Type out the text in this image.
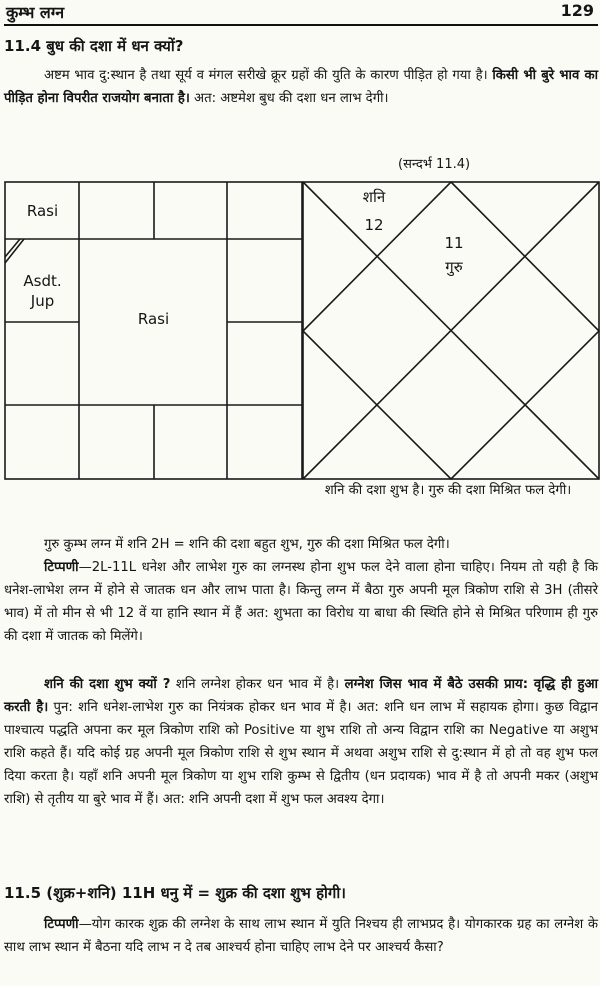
कुम्भ लग्न	129
11.4 बुध की दशा में धन क्यों?
अष्टम भाव दु:स्थान है तथा सूर्य व मंगल सरीखे क्रूर ग्रहों की युति के कारण पीड़ित हो गया है। किसी भी बुरे भाव का पीड़ित होना विपरीत राजयोग बनाता है। अत: अष्टमेश बुध की दशा धन लाभ देगी।
(सन्दर्भ 11.4)
Rasi
Asdt.
Jup
Rasi
शनि
12
11
गुरु
शनि की दशा शुभ है। गुरु की दशा मिश्रित फल देगी।
गुरु कुम्भ लग्न में शनि 2H = शनि की दशा बहुत शुभ, गुरु की दशा मिश्रित फल देगी।
टिप्पणी—2L-11L धनेश और लाभेश गुरु का लग्नस्थ होना शुभ फल देने वाला होना चाहिए। नियम तो यही है कि धनेश-लाभेश लग्न में होने से जातक धन और लाभ पाता है। किन्तु लग्न में बैठा गुरु अपनी मूल त्रिकोण राशि से 3H (तीसरे भाव) में तो मीन से भी 12 वें या हानि स्थान में हैं अत: शुभता का विरोध या बाधा की स्थिति होने से मिश्रित परिणाम ही गुरु की दशा में जातक को मिलेंगे।
शनि की दशा शुभ क्यों ? शनि लग्नेश होकर धन भाव में है। लग्नेश जिस भाव में बैठे उसकी प्राय: वृद्धि ही हुआ करती है। पुन: शनि धनेश-लाभेश गुरु का नियंत्रक होकर धन भाव में है। अत: शनि धन लाभ में सहायक होगा। कुछ विद्वान पाश्चात्य पद्धति अपना कर मूल त्रिकोण राशि को Positive या शुभ राशि तो अन्य विद्वान राशि का Negative या अशुभ राशि कहते हैं। यदि कोई ग्रह अपनी मूल त्रिकोण राशि से शुभ स्थान में अथवा अशुभ राशि से दु:स्थान में हो तो वह शुभ फल दिया करता है। यहाँ शनि अपनी मूल त्रिकोण या शुभ राशि कुम्भ से द्वितीय (धन प्रदायक) भाव में है तो अपनी मकर (अशुभ राशि) से तृतीय या बुरे भाव में हैं। अत: शनि अपनी दशा में शुभ फल अवश्य देगा।
11.5 (शुक्र+शनि) 11H धनु में = शुक्र की दशा शुभ होगी।
टिप्पणी—योग कारक शुक्र की लग्नेश के साथ लाभ स्थान में युति निश्चय ही लाभप्रद है। योगकारक ग्रह का लग्नेश के साथ लाभ स्थान में बैठना यदि लाभ न दे तब आश्चर्य होना चाहिए लाभ देने पर आश्चर्य कैसा?
